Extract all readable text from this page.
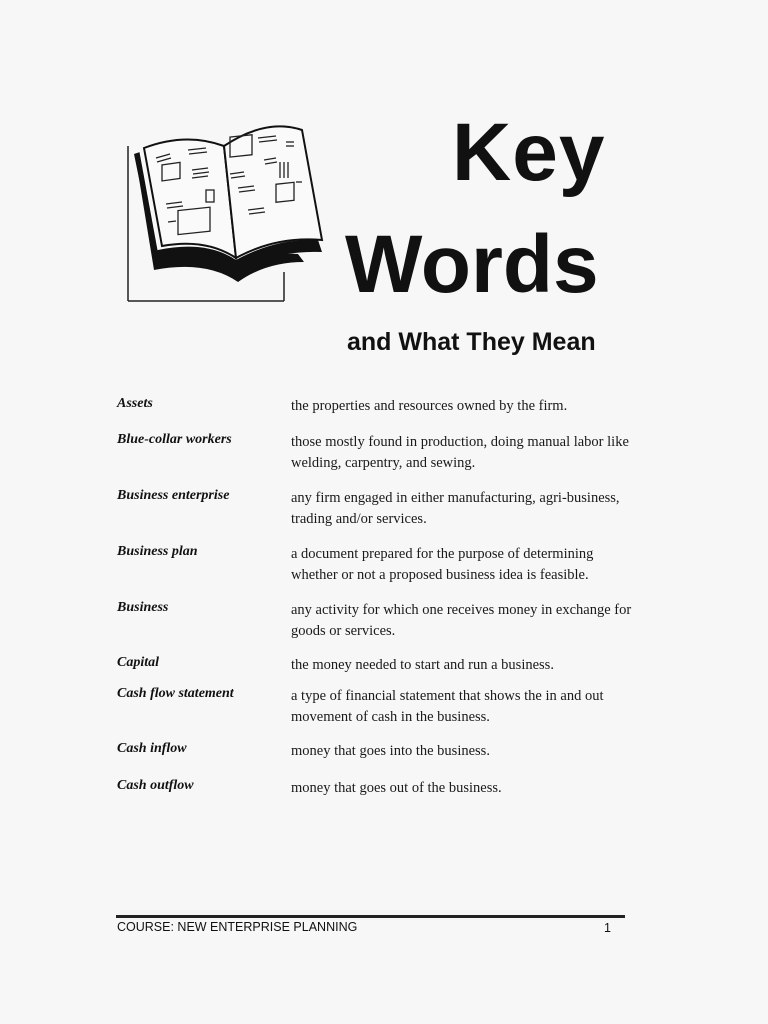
Key
Words
and What They Mean
Assets	the properties and resources owned by the firm.
Blue-collar workers	those mostly found in production, doing manual labor like welding, carpentry, and sewing.
Business enterprise	any firm engaged in either manufacturing, agri-business, trading and/or services.
Business plan	a document prepared for the purpose of determining whether or not a proposed business idea is feasible.
Business	any activity for which one receives money in exchange for goods or services.
Capital	the money needed to start and run a business.
Cash flow statement	a type of financial statement that shows the in and out movement of cash in the business.
Cash inflow	money that goes into the business.
Cash outflow	money that goes out of the business.
COURSE: NEW ENTERPRISE PLANNING	1
